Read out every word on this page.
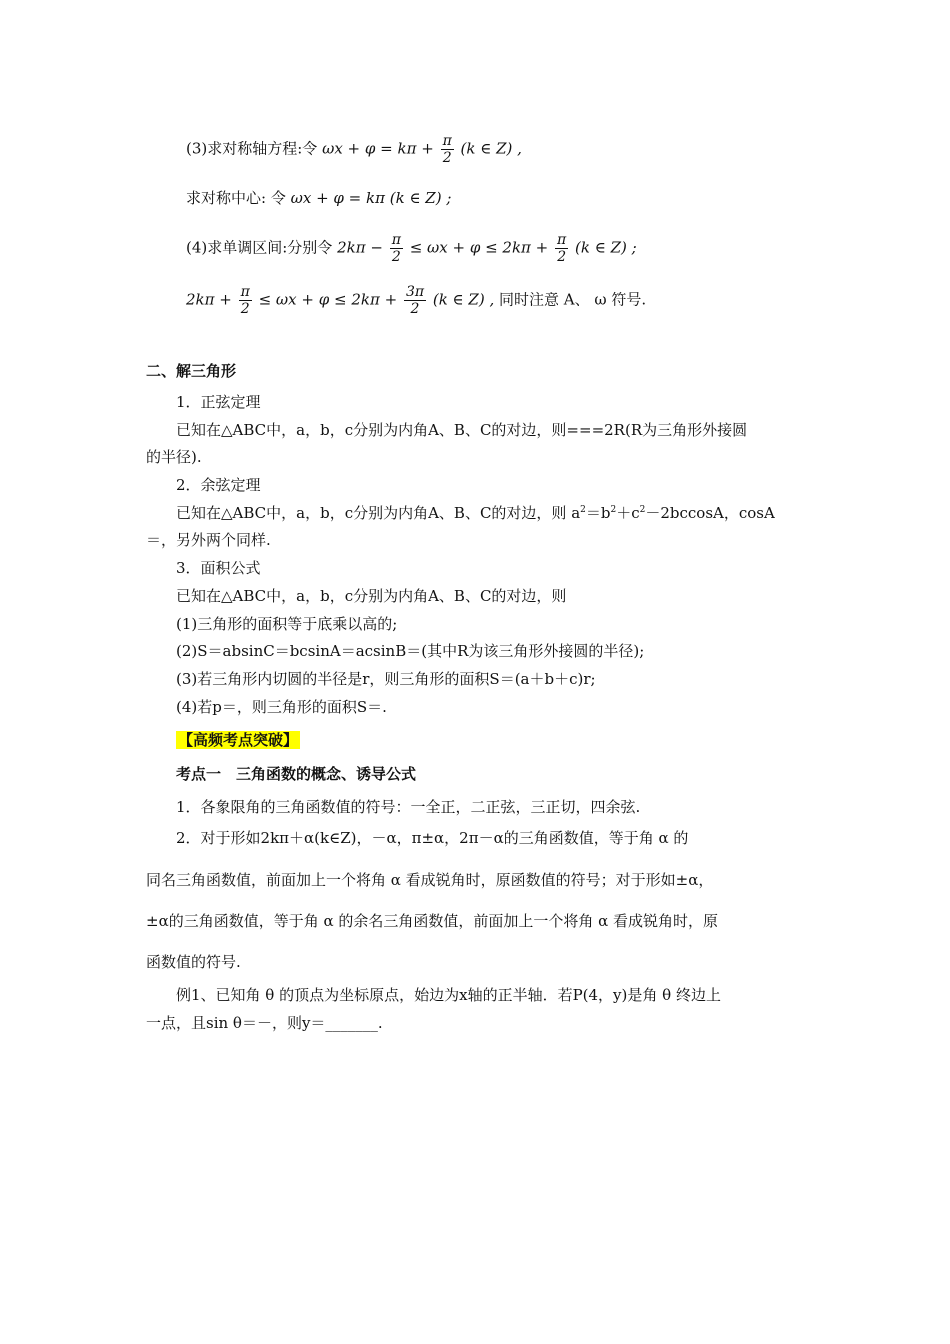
(3)求对称轴方程:令 $\omega x + \varphi = k\pi + \frac{\pi}{2} (k$ ∈ Z) ,
求对称中心: 令 ωx + φ = kπ (k ∈ Z) ;
(4)求单调区间:分别令 $2k\pi - \frac{\pi}{2} \le \omega x + \varphi \le 2k\pi + \frac{\pi}{2} (k$ ∈ Z) ;
$2k\pi + \frac{\pi}{2} \le \omega x + \varphi \le 2k\pi + \frac{3\pi}{2} (k$ ∈ Z) , 同时注意 A、 ω 符号.
二、解三角形
1．正弦定理
已知在△ABC中，a，b，c分别为内角A、B、C的对边，则===2R(R为三角形外接圆
的半径).
2．余弦定理
已知在△ABC中，a，b，c分别为内角A、B、C的对边，则 $a^2=b^2+c^2-2bccosA$，cosA
＝，另外两个同样.
3．面积公式
已知在△ABC中，a，b，c分别为内角A、B、C的对边，则
(1)三角形的面积等于底乘以高的;
(2)S＝absinC＝bcsinA＝acsinB＝(其中R为该三角形外接圆的半径);
(3)若三角形内切圆的半径是r，则三角形的面积S＝(a＋b＋c)r;
(4)若p＝，则三角形的面积S＝.
【高频考点突破】
考点一　三角函数的概念、诱导公式
1．各象限角的三角函数值的符号：一全正，二正弦，三正切，四余弦.
2．对于形如2kπ＋α(k∈Z)，－α，π±α，2π－α的三角函数值，等于角 α 的
同名三角函数值，前面加上一个将角 α 看成锐角时，原函数值的符号；对于形如±α，
±α的三角函数值，等于角 α 的余名三角函数值，前面加上一个将角 α 看成锐角时，原
函数值的符号.
例1、已知角 θ 的顶点为坐标原点，始边为x轴的正半轴．若P(4，y)是角 θ 终边上
一点，且sin θ＝－，则y＝_______.
